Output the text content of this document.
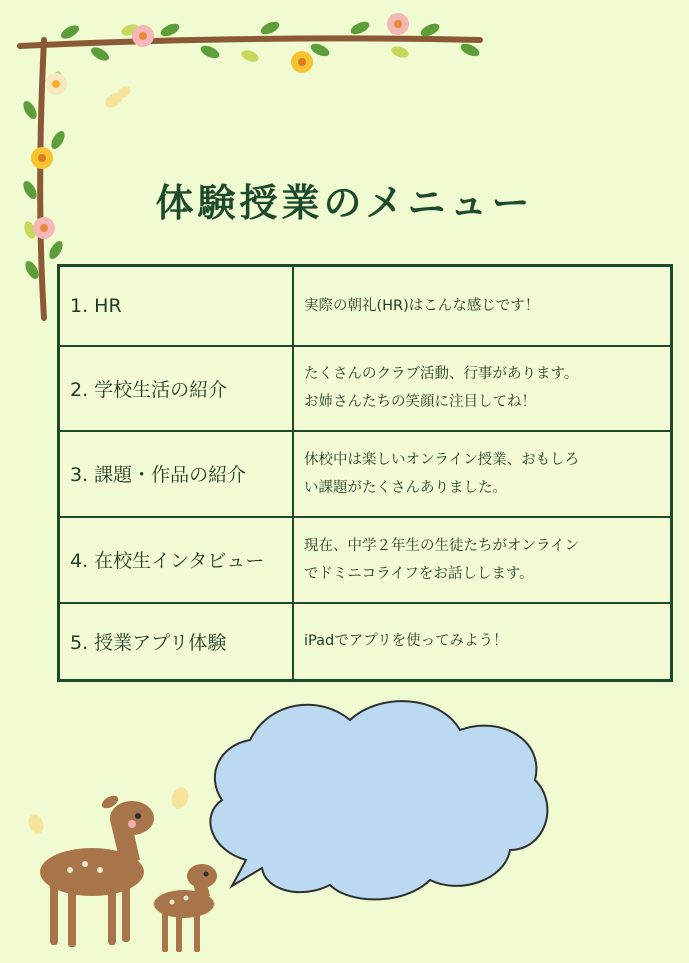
体験授業のメニュー
1. HR	実際の朝礼(HR)はこんな感じです！

2. 学校生活の紹介	たくさんのクラブ活動、行事があります。
お姉さんたちの笑顔に注目してね！

3. 課題・作品の紹介	休校中は楽しいオンライン授業、おもしろ
い課題がたくさんありました。

4. 在校生インタビュー	現在、中学２年生の生徒たちがオンライン
でドミニコライフをお話しします。

5. 授業アプリ体験	iPadでアプリを使ってみよう！
